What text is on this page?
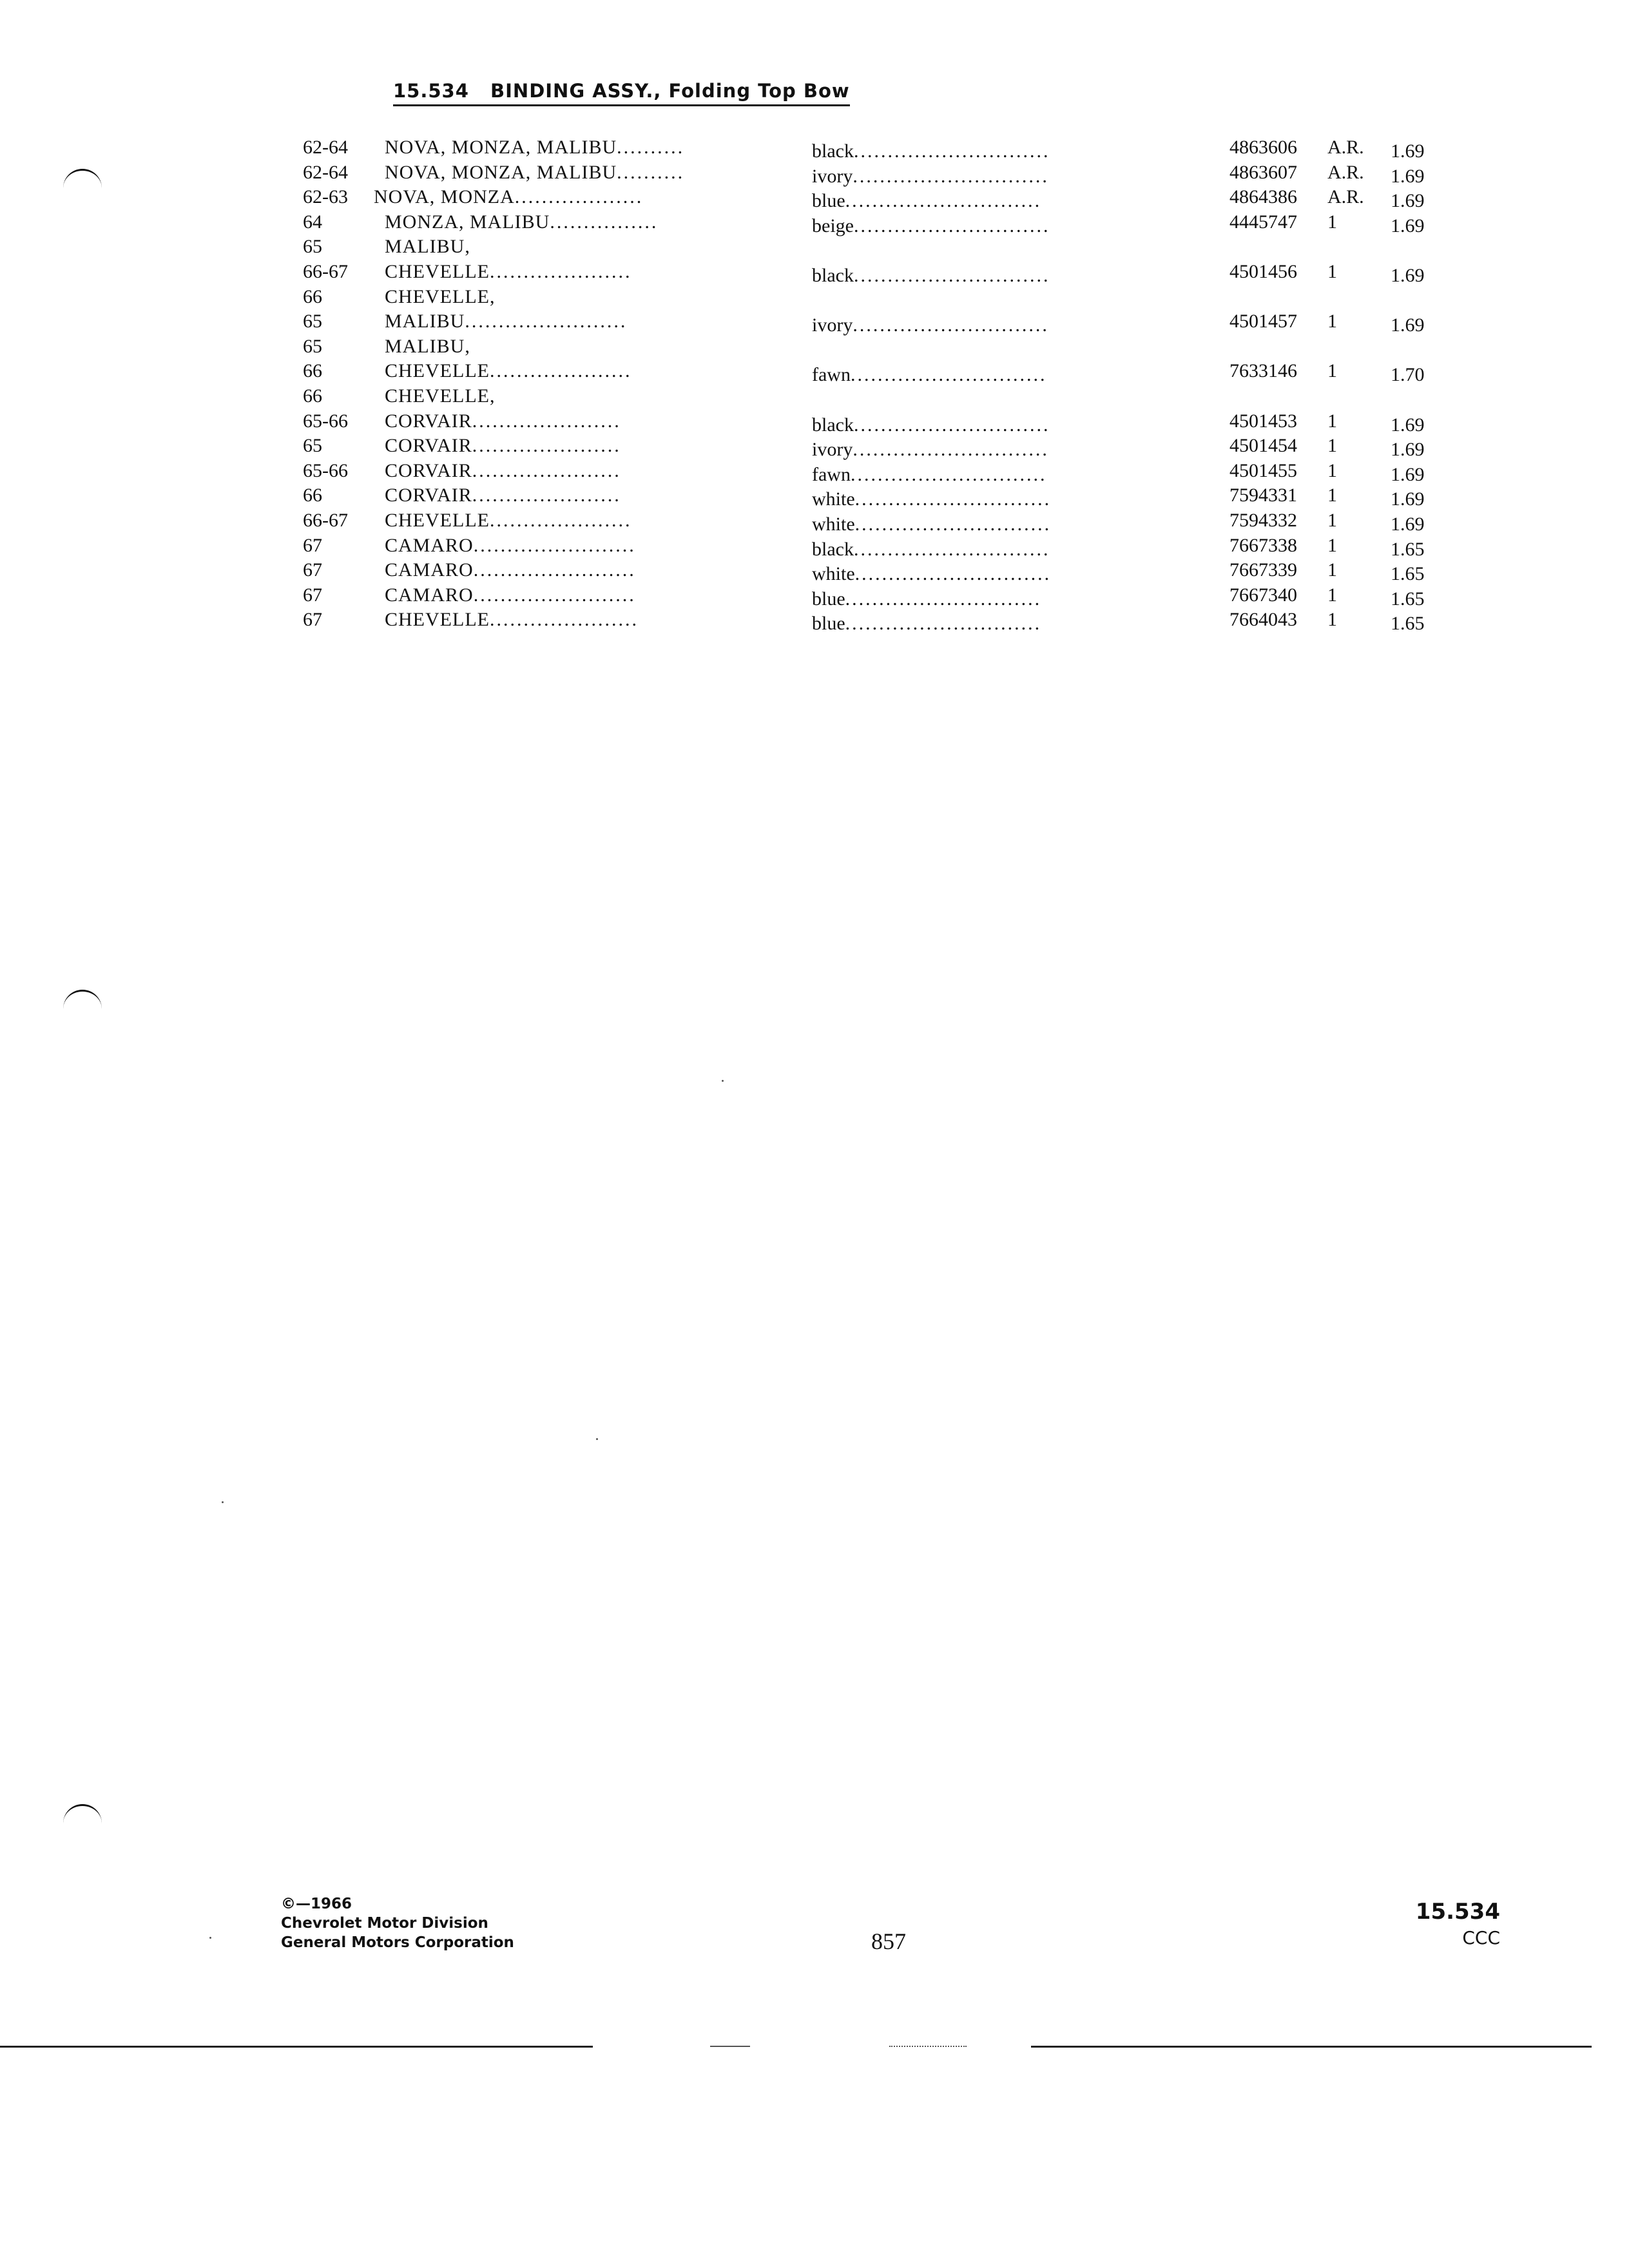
15.534 BINDING ASSY., Folding Top Bow
62-64 NOVA, MONZA, MALIBU..........	black.............................	4863606 A.R. 1.69
62-64 NOVA, MONZA, MALIBU..........	ivory.............................	4863607 A.R. 1.69
62-63 NOVA, MONZA...................	blue.............................	4864386 A.R. 1.69
64	MONZA, MALIBU................	beige.............................	4445747 1	1.69
65	MALIBU,
66-67 CHEVELLE.....................	black.............................	4501456 1	1.69
66	CHEVELLE,
65	MALIBU........................	ivory.............................	4501457 1	1.69
65	MALIBU,
66	CHEVELLE.....................	fawn.............................	7633146 1	1.70
66	CHEVELLE,
65-66 CORVAIR......................	black.............................	4501453 1	1.69
65	CORVAIR......................	ivory.............................	4501454 1	1.69
65-66 CORVAIR......................	fawn.............................	4501455 1	1.69
66	CORVAIR......................	white.............................	7594331 1	1.69
66-67 CHEVELLE.....................	white.............................	7594332 1	1.69
67	CAMARO........................	black.............................	7667338 1	1.65
67	CAMARO........................	white.............................	7667339 1	1.65
67	CAMARO........................	blue.............................	7667340 1	1.65
67	CHEVELLE......................	blue.............................	7664043 1	1.65
©—1966
Chevrolet Motor Division
General Motors Corporation	857
15.534
CCC
